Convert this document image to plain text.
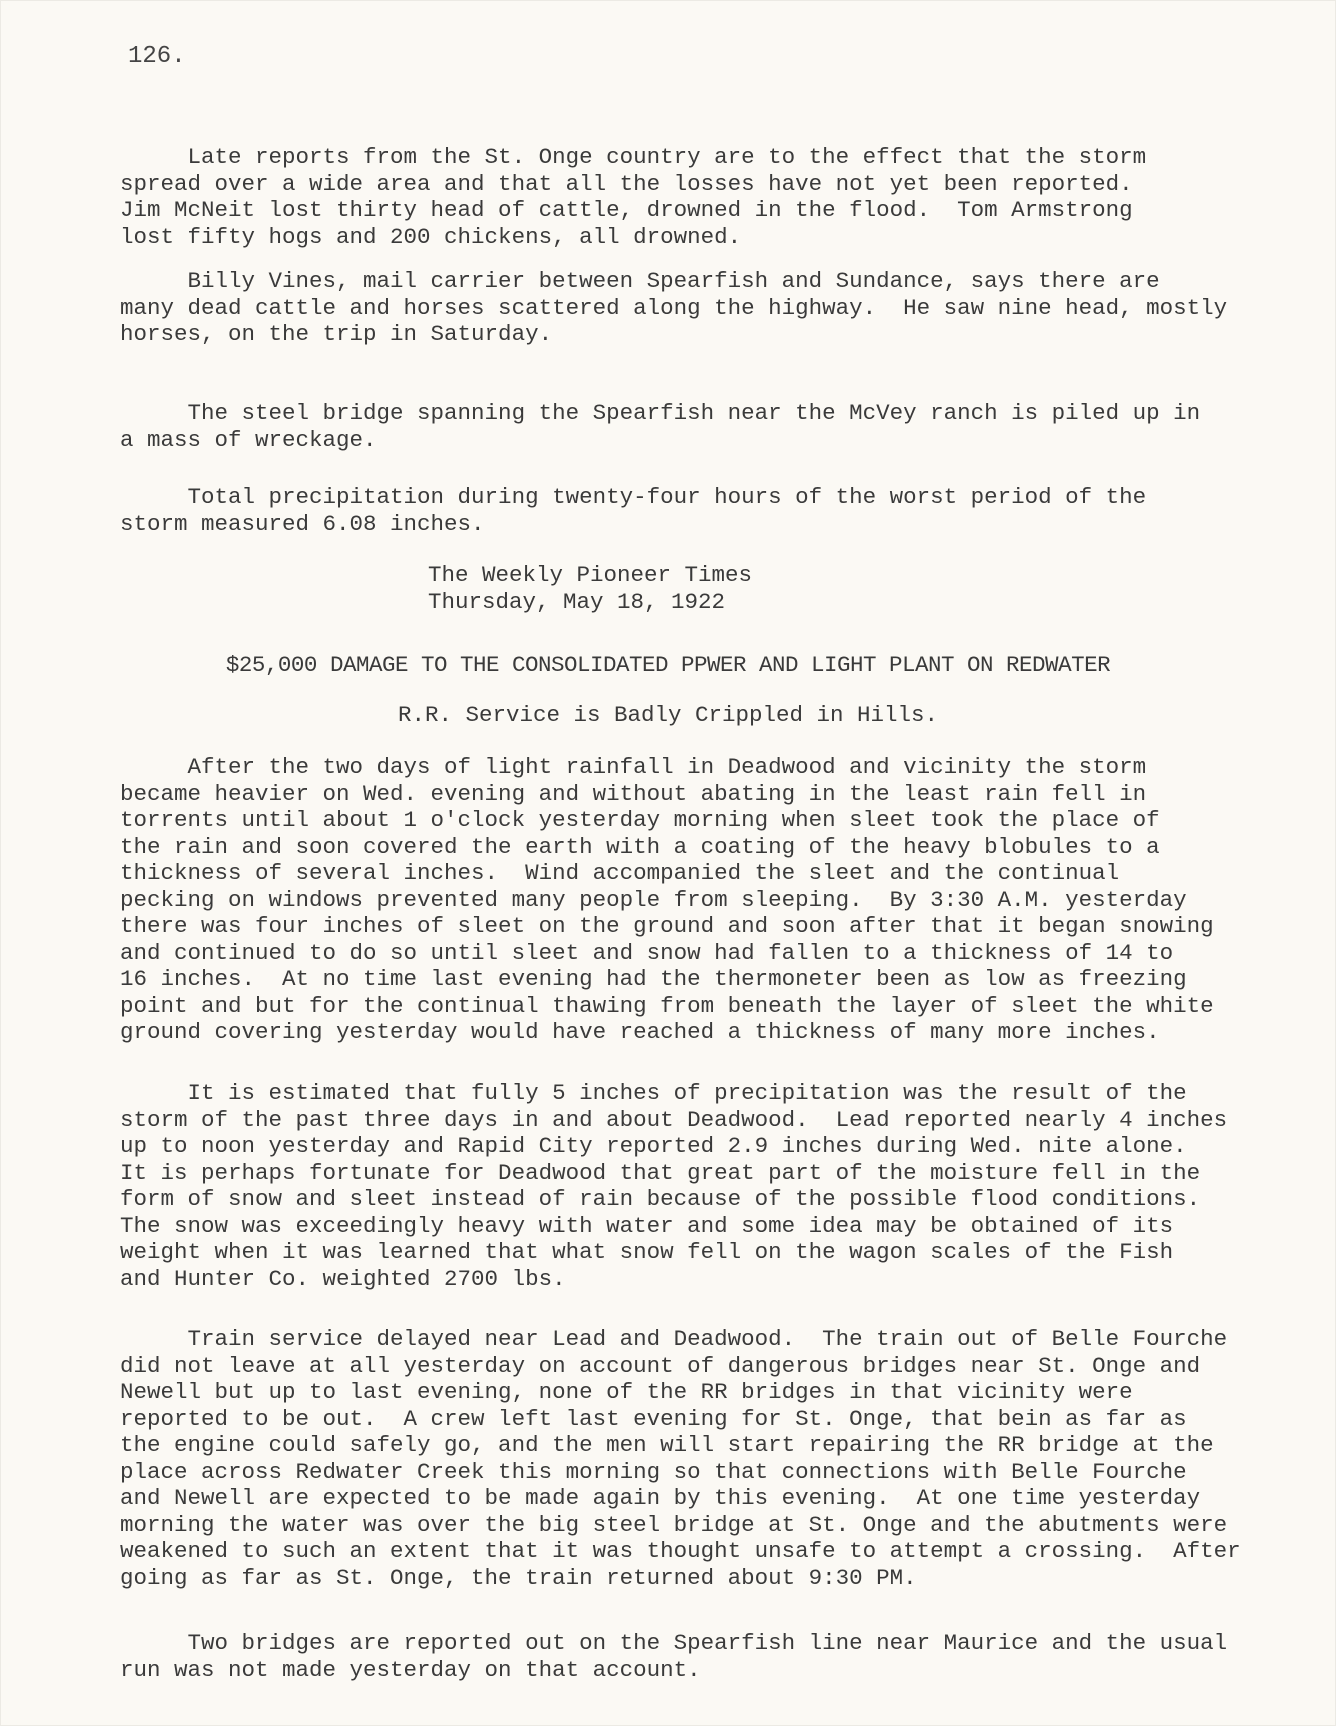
126.
Late reports from the St. Onge country are to the effect that the storm
spread over a wide area and that all the losses have not yet been reported.
Jim McNeit lost thirty head of cattle, drowned in the flood.  Tom Armstrong
lost fifty hogs and 200 chickens, all drowned.
Billy Vines, mail carrier between Spearfish and Sundance, says there are
many dead cattle and horses scattered along the highway.  He saw nine head, mostly
horses, on the trip in Saturday.
The steel bridge spanning the Spearfish near the McVey ranch is piled up in
a mass of wreckage.
Total precipitation during twenty-four hours of the worst period of the
storm measured 6.08 inches.
The Weekly Pioneer Times
Thursday, May 18, 1922
$25,000 DAMAGE TO THE CONSOLIDATED PPWER AND LIGHT PLANT ON REDWATER
R.R. Service is Badly Crippled in Hills.
After the two days of light rainfall in Deadwood and vicinity the storm
became heavier on Wed. evening and without abating in the least rain fell in
torrents until about 1 o'clock yesterday morning when sleet took the place of
the rain and soon covered the earth with a coating of the heavy blobules to a
thickness of several inches.  Wind accompanied the sleet and the continual
pecking on windows prevented many people from sleeping.  By 3:30 A.M. yesterday
there was four inches of sleet on the ground and soon after that it began snowing
and continued to do so until sleet and snow had fallen to a thickness of 14 to
16 inches.  At no time last evening had the thermoneter been as low as freezing
point and but for the continual thawing from beneath the layer of sleet the white
ground covering yesterday would have reached a thickness of many more inches.
It is estimated that fully 5 inches of precipitation was the result of the
storm of the past three days in and about Deadwood.  Lead reported nearly 4 inches
up to noon yesterday and Rapid City reported 2.9 inches during Wed. nite alone.
It is perhaps fortunate for Deadwood that great part of the moisture fell in the
form of snow and sleet instead of rain because of the possible flood conditions.
The snow was exceedingly heavy with water and some idea may be obtained of its
weight when it was learned that what snow fell on the wagon scales of the Fish
and Hunter Co. weighted 2700 lbs.
Train service delayed near Lead and Deadwood.  The train out of Belle Fourche
did not leave at all yesterday on account of dangerous bridges near St. Onge and
Newell but up to last evening, none of the RR bridges in that vicinity were
reported to be out.  A crew left last evening for St. Onge, that bein as far as
the engine could safely go, and the men will start repairing the RR bridge at the
place across Redwater Creek this morning so that connections with Belle Fourche
and Newell are expected to be made again by this evening.  At one time yesterday
morning the water was over the big steel bridge at St. Onge and the abutments were
weakened to such an extent that it was thought unsafe to attempt a crossing.  After
going as far as St. Onge, the train returned about 9:30 PM.
Two bridges are reported out on the Spearfish line near Maurice and the usual
run was not made yesterday on that account.
